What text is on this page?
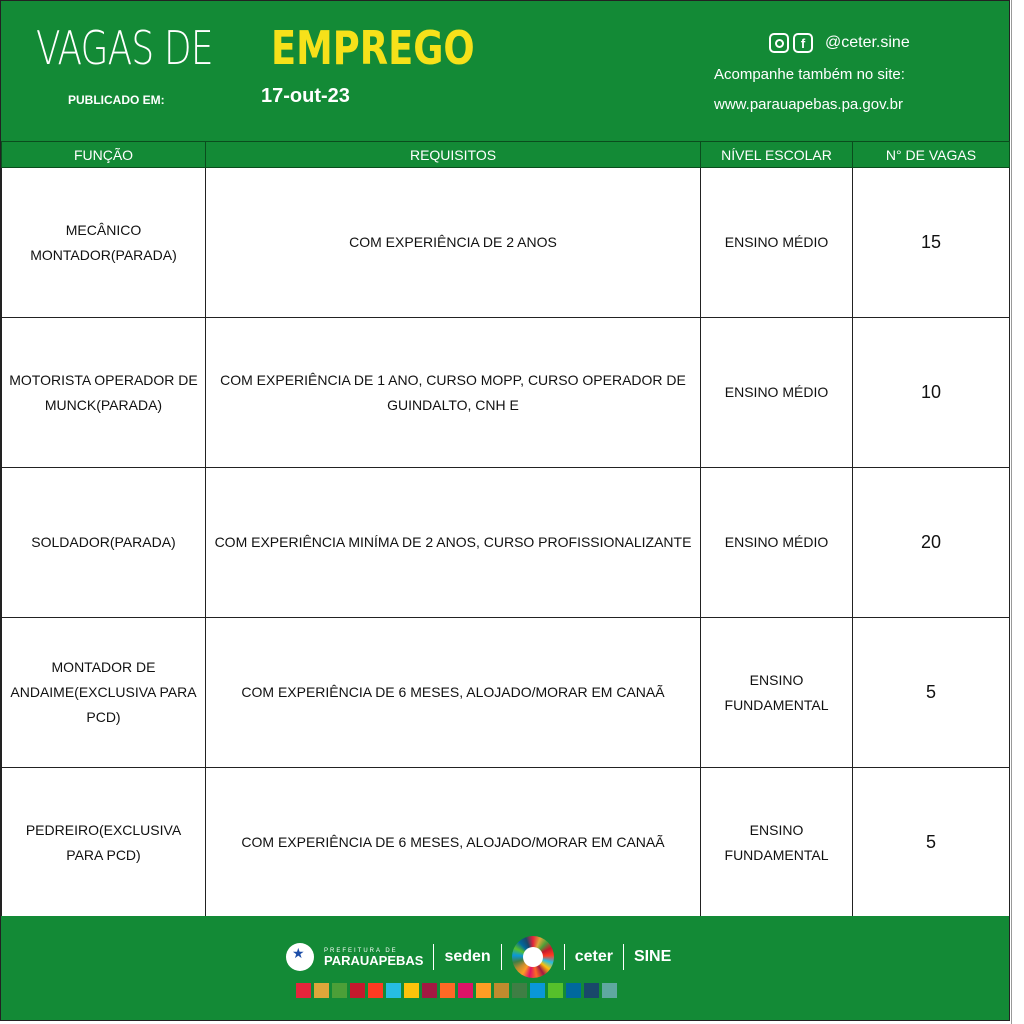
VAGAS DE EMPREGO
PUBLICADO EM:	17-out-23
f	@ceter.sine
Acompanhe também no site:
www.parauapebas.pa.gov.br
FUNÇÃO	REQUISITOS	NÍVEL ESCOLAR	N° DE VAGAS
MECÂNICO MONTADOR(PARADA)	COM EXPERIÊNCIA DE 2 ANOS	ENSINO MÉDIO	15
MOTORISTA OPERADOR DE MUNCK(PARADA)	COM EXPERIÊNCIA DE 1 ANO, CURSO MOPP, CURSO OPERADOR DE GUINDALTO, CNH E	ENSINO MÉDIO	10
SOLDADOR(PARADA)	COM EXPERIÊNCIA MINÍMA DE 2 ANOS, CURSO PROFISSIONALIZANTE	ENSINO MÉDIO	20
MONTADOR DE ANDAIME(EXCLUSIVA PARA PCD)	COM EXPERIÊNCIA DE 6 MESES, ALOJADO/MORAR EM CANAÃ	ENSINO FUNDAMENTAL	5
PEDREIRO(EXCLUSIVA PARA PCD)	COM EXPERIÊNCIA DE 6 MESES, ALOJADO/MORAR EM CANAÃ	ENSINO FUNDAMENTAL	5
★
PREFEITURA DE
PARAUAPEBAS seden	ceter SINE
